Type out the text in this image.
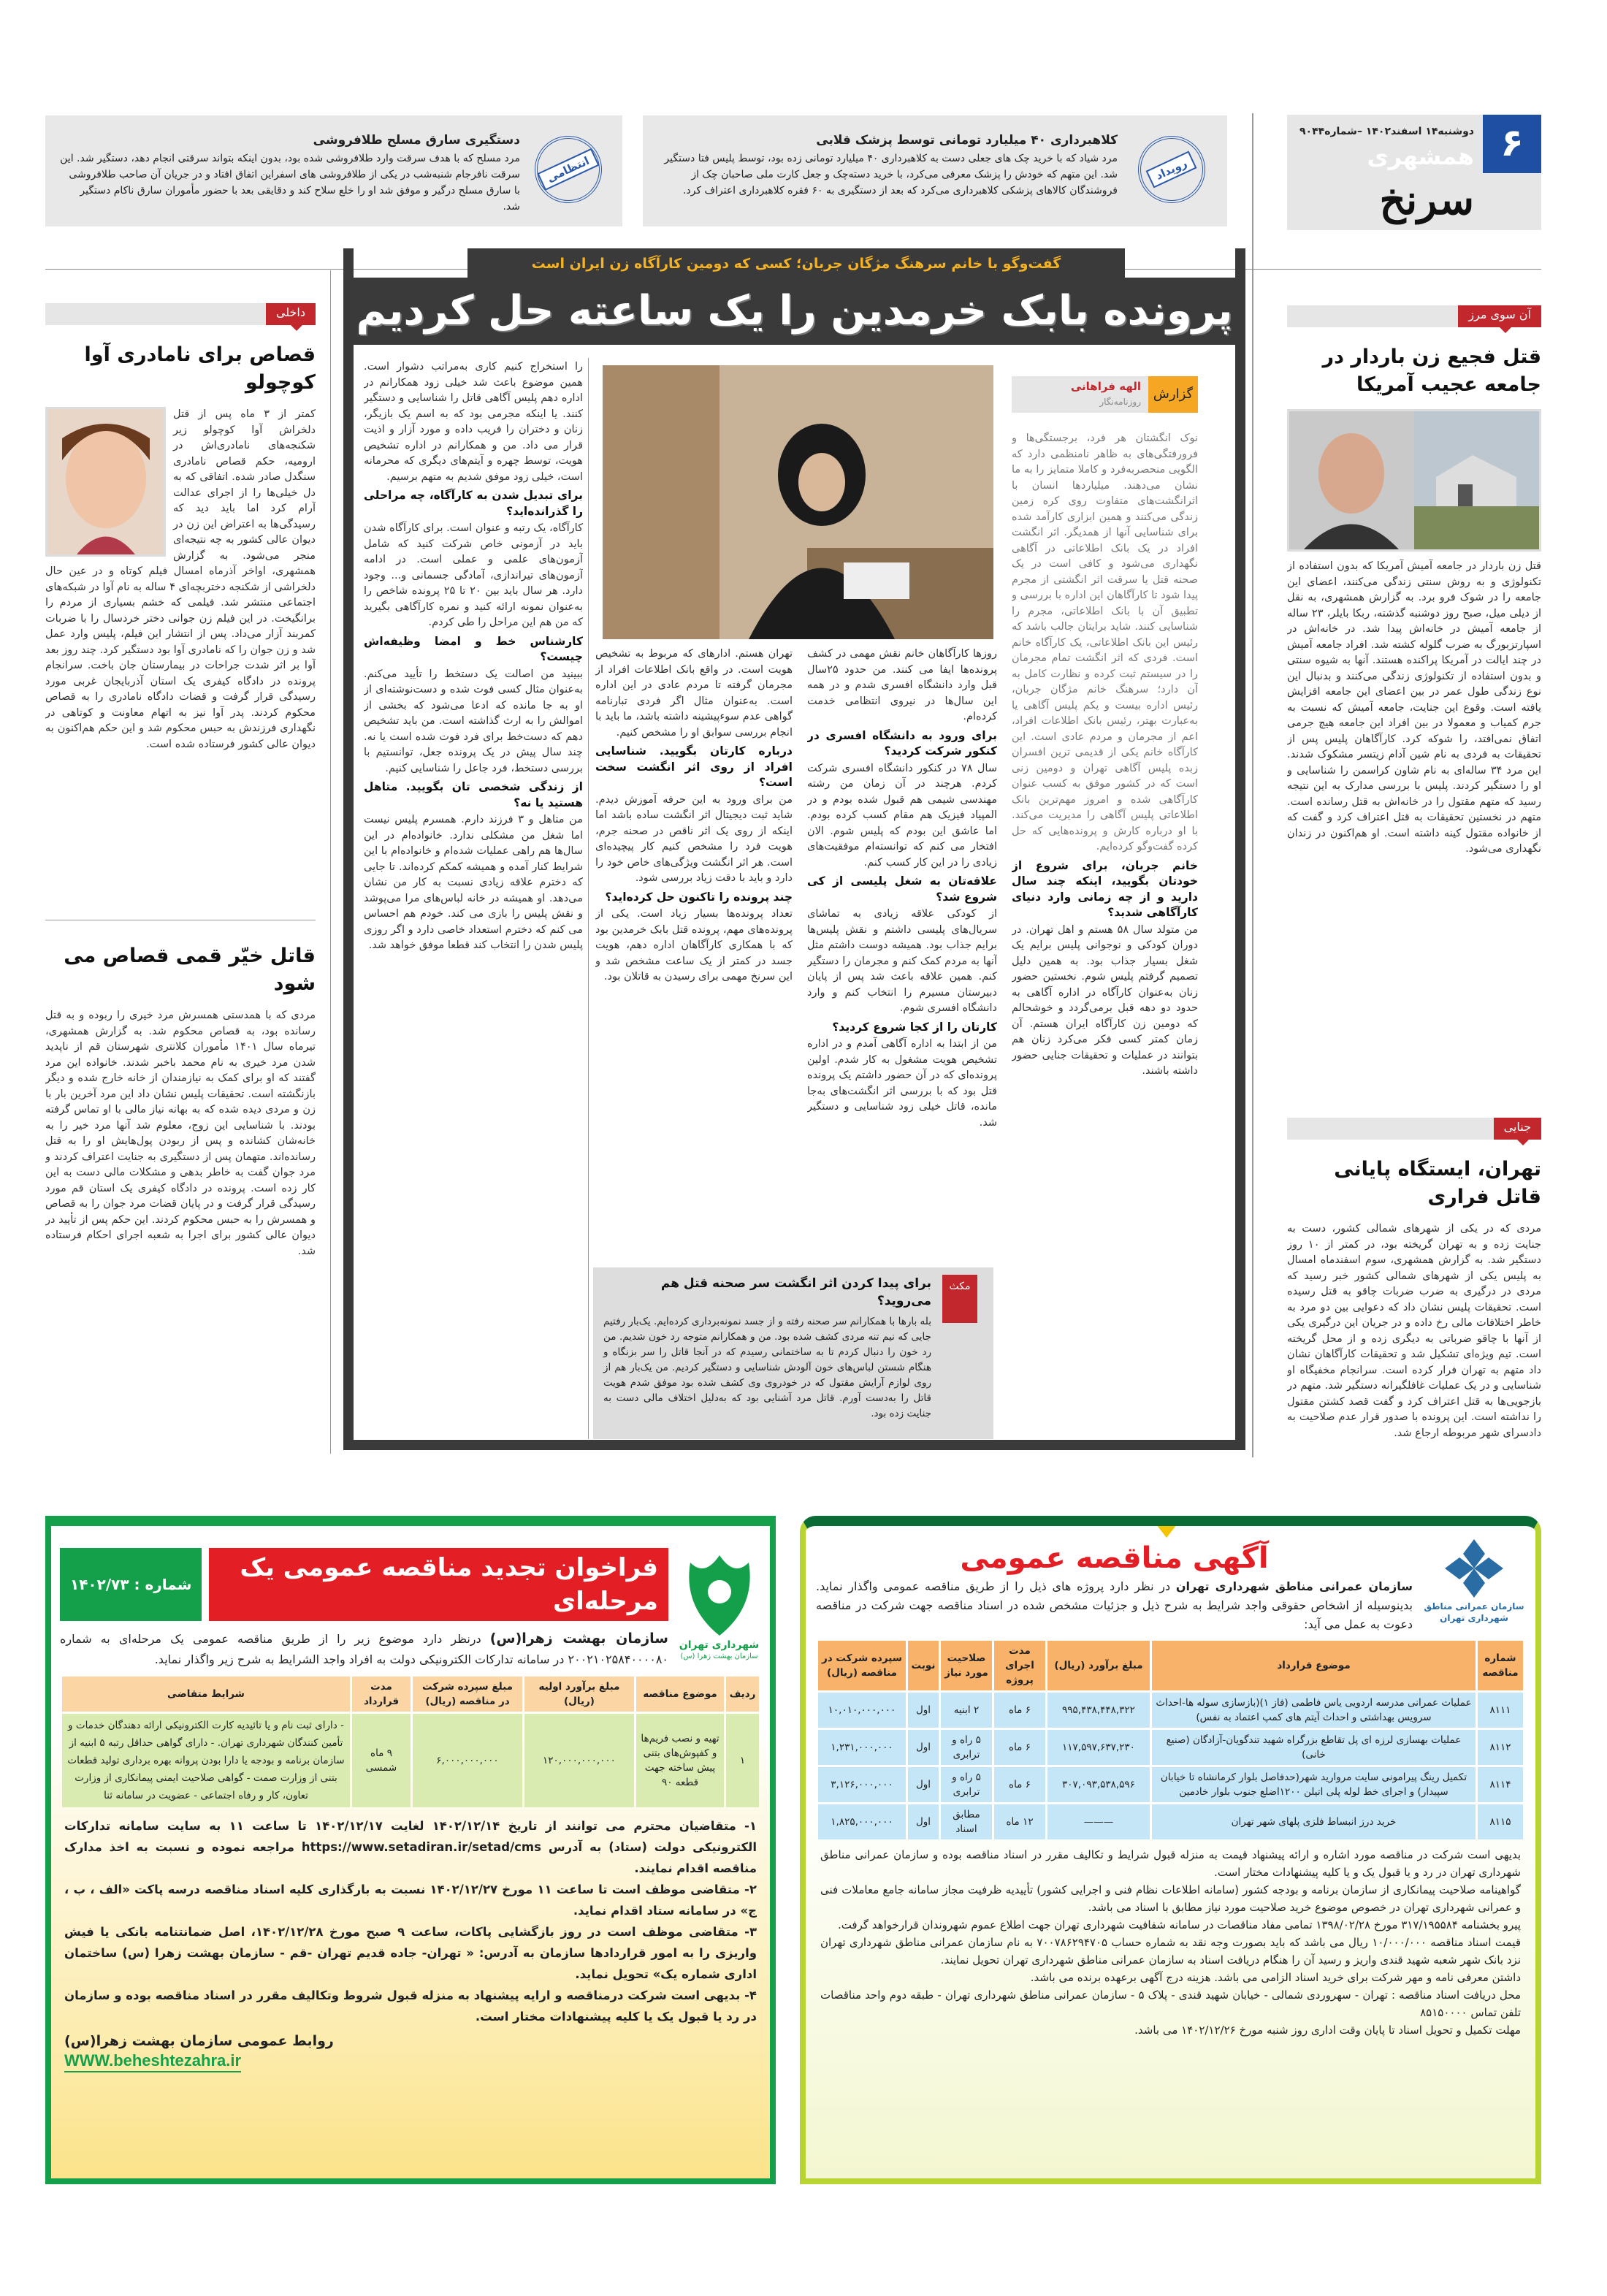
۶
دوشنبه۱۴ اسفند۱۴۰۲ –شماره۹۰۴۴
همشهری
سرنخ
رویداد
کلاهبرداری ۴۰ میلیارد تومانی توسط پزشک قلابی

مرد شیاد که با خرید چک های جعلی دست به کلاهبرداری ۴۰ میلیارد تومانی زده بود، توسط پلیس فتا دستگیر شد. این متهم که خودش را پزشک معرفی می‌کرد، با خرید دسته‌چک و جعل کارت ملی صاحبان چک از فروشندگان کالاهای پزشکی کلاهبرداری می‌کرد که بعد از دستگیری به ۶۰ فقره کلاهبرداری اعتراف کرد.

انتظامی
دستگیری سارق مسلح طلافروشی

مرد مسلح که با هدف سرقت وارد طلافروشی شده بود، بدون اینکه بتواند سرقتی انجام دهد، دستگیر شد. این سرقت نافرجام شنبه‌شب در یکی از طلافروشی های اسفراین اتفاق افتاد و در جریان آن صاحب طلافروشی با سارق مسلح درگیر و موفق شد او را خلع سلاح کند و دقایقی بعد با حضور مأموران سارق ناکام دستگیر شد.

گفت‌وگو با خانم سرهنگ مژگان جربان؛ کسی که دومین کارآگاه زن ایران است
پرونده بابک خرمدین را یک ساعته حل کردیم
گزارش
الهه فراهانی
روزنامه‌نگار

نوک انگشتان هر فرد، برجستگی‌ها و فرورفتگی‌های به ظاهر نامنظمی دارد که الگویی منحصربه‌فرد و کاملا متمایز را به ما نشان می‌دهند. میلیاردها انسان با اثرانگشت‌های متفاوت روی کره زمین زندگی می‌کنند و همین ابزاری کارآمد شده برای شناسایی آنها از همدیگر. اثر انگشت افراد در یک بانک اطلاعاتی در آگاهی نگهداری می‌شود و کافی است در یک صحنه قتل یا سرقت اثر انگشتی از مجرم پیدا شود تا کارآگاهان این اداره با بررسی و تطبیق آن با بانک اطلاعاتی، مجرم را شناسایی کنند. شاید برایتان جالب باشد که رئیس این بانک اطلاعاتی، یک کارآگاه خانم است. فردی که اثر انگشت تمام مجرمان را در سیستم ثبت کرده و نظارت کامل به آن دارد؛ سرهنگ خانم مژگان جربان، رئیس اداره بیست و یکم پلیس آگاهی یا به‌عبارت بهتر، رئیس بانک اطلاعات افراد، اعم از مجرمان و مردم عادی است. این کارآگاه خانم یکی از قدیمی ترین افسران زبده پلیس آگاهی تهران و دومین زنی است که در کشور موفق به کسب عنوان کارآگاهی شده و امروز مهم‌ترین بانک اطلاعاتی پلیس آگاهی را مدیریت می‌کند. با او درباره کارش و پرونده‌هایی که حل کرده گفت‌وگو کرده‌ایم.

خانم جربان، برای شروع از خودتان بگویید، اینکه چند سال دارید و از چه زمانی وارد دنیای کارآگاهی شدید؟

من متولد سال ۵۸ هستم و اهل تهران. در دوران کودکی و نوجوانی پلیس برایم یک شغل بسیار جذاب بود. به همین دلیل تصمیم گرفتم پلیس شوم. نخستین حضور زنان به‌عنوان کارآگاه در اداره آگاهی به حدود دو دهه قبل برمی‌گردد و خوشحالم که دومین زن کارآگاه ایران هستم. آن زمان کمتر کسی فکر می‌کرد زنان هم بتوانند در عملیات و تحقیقات جنایی حضور داشته باشند.

روزها کارآگاهان خانم نقش مهمی در کشف پرونده‌ها ایفا می کنند. من حدود ۲۵سال قبل وارد دانشگاه افسری شدم و در همه این سال‌ها در نیروی انتظامی خدمت کرده‌ام.

برای ورود به دانشگاه افسری در کنکور شرکت کردید؟

سال ۷۸ در کنکور دانشگاه افسری شرکت کردم. هرچند در آن زمان من رشته مهندسی شیمی هم قبول شده بودم و در المپیاد فیزیک هم مقام کسب کرده بودم. اما عاشق این بودم که پلیس شوم. الان افتخار می کنم که توانسته‌ام موفقیت‌های زیادی را در این کار کسب کنم.

علاقه‌تان به شغل پلیسی از کی شروع شد؟

از کودکی علاقه زیادی به تماشای سریال‌های پلیسی داشتم و نقش پلیس‌ها برایم جذاب بود. همیشه دوست داشتم مثل آنها به مردم کمک کنم و مجرمان را دستگیر کنم. همین علاقه باعث شد پس از پایان دبیرستان مسیرم را انتخاب کنم و وارد دانشگاه افسری شوم.

کارتان را از کجا شروع کردید؟

من از ابتدا به اداره آگاهی آمدم و در اداره تشخیص هویت مشغول به کار شدم. اولین پرونده‌ای که در آن حضور داشتم یک پرونده قتل بود که با بررسی اثر انگشت‌های به‌جا مانده، قاتل خیلی زود شناسایی و دستگیر شد.

تهران هستم. ادارهای که مربوط به تشخیص هویت است. در واقع بانک اطلاعات افراد از مجرمان گرفته تا مردم عادی در این اداره است. به‌عنوان مثال اگر فردی تبارنامه گواهی عدم سوءپیشینه داشته باشد، ما باید با انجام بررسی سوابق او را مشخص کنیم.

درباره کارتان بگویید. شناسایی افراد از روی اثر انگشت سخت است؟

من برای ورود به این حرفه آموزش دیدم. شاید ثبت دیجیتال اثر انگشت ساده باشد اما اینکه از روی یک اثر ناقص در صحنه جرم، هویت فرد را مشخص کنیم کار پیچیده‌ای است. هر اثر انگشت ویژگی‌های خاص خود را دارد و باید با دقت زیاد بررسی شود.

چند پرونده را تاکنون حل کرده‌اید؟

تعداد پرونده‌ها بسیار زیاد است. یکی از پرونده‌های مهم، پرونده قتل بابک خرمدین بود که با همکاری کارآگاهان اداره دهم، هویت جسد در کمتر از یک ساعت مشخص شد و این سرنخ مهمی برای رسیدن به قاتلان بود.

را استخراج کنیم کاری به‌مراتب دشوار است. همین موضوع باعث شد خیلی زود همکارانم در اداره دهم پلیس آگاهی قاتل را شناسایی و دستگیر کنند. یا اینکه مجرمی بود که به اسم یک بازیگر، زنان و دختران را فریب داده و مورد آزار و اذیت قرار می داد. من و همکارانم در اداره تشخیص هویت، توسط چهره و آیتم‌های دیگری که محرمانه است، خیلی زود موفق شدیم به متهم برسیم.

برای تبدیل شدن به کارآگاه، چه مراحلی را گذرانده‌اید؟

کارآگاه، یک رتبه و عنوان است. برای کارآگاه شدن باید در آزمونی خاص شرکت کنید که شامل آزمون‌های علمی و عملی است. در ادامه آزمون‌های تیراندازی، آمادگی جسمانی و... وجود دارد. هر سال باید بین ۲۰ تا ۲۵ پرونده شاخص را به‌عنوان نمونه ارائه کنید و نمره کارآگاهی بگیرید که من هم این مراحل را طی کردم.

کارشناس خط و امضا وظیفه‌اش چیست؟

ببینید من اصالت یک دستخط را تأیید می‌کنم. به‌عنوان مثال کسی فوت شده و دست‌نوشته‌ای از او به جا مانده که ادعا می‌شود که بخشی از اموالش را به ارث گذاشته است. من باید تشخیص دهم که دست‌خط برای فرد فوت شده است یا نه. چند سال پیش در یک پرونده جعل، توانستیم با بررسی دستخط، فرد جاعل را شناسایی کنیم.

از زندگی شخصی تان بگویید. متاهل هستید یا نه؟

من متاهل و ۳ فرزند دارم. همسرم پلیس نیست اما شغل من مشکلی ندارد. خانواده‌ام در این سال‌ها هم راهی عملیات شده‌ام و خانواده‌ام با این شرایط کنار آمده و همیشه کمکم کرده‌اند. تا جایی که دخترم علاقه زیادی نسبت به کار من نشان می‌دهد. او همیشه در خانه لباس‌های مرا می‌پوشد و نقش پلیس را بازی می کند. خودم هم احساس می کنم که دخترم استعداد خاصی دارد و اگر روزی پلیس شدن را انتخاب کند قطعا موفق خواهد شد.

مکث
برای پیدا کردن اثر انگشت سر صحنه قتل هم می‌روید؟

بله بارها با همکارانم سر صحنه رفته و از جسد نمونه‌برداری کرده‌ایم. یک‌بار رفتیم جایی که نیم تنه مردی کشف شده بود. من و همکارانم متوجه رد خون شدیم. من رد خون را دنبال کردم تا به ساختمانی رسیدم که در آنجا قاتل را سر بزنگاه و هنگام شستن لباس‌های خون آلودش شناسایی و دستگیر کردیم. من یک‌بار هم از روی لوازم آرایش مقتول که در خودروی وی کشف شده بود موفق شدم هویت قاتل را به‌دست آورم. قاتل مرد آشنایی بود که به‌دلیل اختلاف مالی دست به جنایت زده بود.

آن سوی مرز
قتل فجیع زن باردار در جامعه عجیب آمریکا

قتل زن باردار در جامعه آمیش آمریکا که بدون استفاده از تکنولوژی و به روش سنتی زندگی می‌کنند، اعضای این جامعه را در شوک فرو برد. به گزارش همشهری، به نقل از دیلی میل، صبح روز دوشنبه گذشته، ربکا بایلر، ۲۳ ساله از جامعه آمیش در خانه‌اش پیدا شد. در خانه‌اش در اسپارتزبورگ به ضرب گلوله کشته شد. افراد جامعه آمیش در چند ایالت در آمریکا پراکنده هستند. آنها به شیوه سنتی و بدون استفاده از تکنولوژی زندگی می‌کنند و بدنبال این نوع زندگی طول عمر در بین اعضای این جامعه افزایش یافته است. وقوع این جنایت، جامعه آمیش که نسبت به جرم کمیاب و معمولا در بین افراد این جامعه هیچ جرمی اتفاق نمی‌افتد، را شوکه کرد. کارآگاهان پلیس پس از تحقیقات به فردی به نام شین آدام زیتسر مشکوک شدند. این مرد ۳۴ ساله‌ای به نام شاون کراسمن را شناسایی و او را دستگیر کردند. پلیس با بررسی مدارک به این نتیجه رسید که متهم مقتول را در خانه‌اش به قتل رسانده است. متهم در نخستین تحقیقات به قتل اعتراف کرد و گفت که از خانواده مقتول کینه داشته است. او هم‌اکنون در زندان نگهداری می‌شود.

جنایی
تهران، ایستگاه پایانی قاتل فراری

مردی که در یکی از شهرهای شمالی کشور، دست به جنایت زده و به تهران گریخته بود، در کمتر از ۱۰ روز دستگیر شد. به گزارش همشهری، سوم اسفندماه امسال به پلیس یکی از شهرهای شمالی کشور خبر رسید که مردی در درگیری به ضرب ضربات چاقو به قتل رسیده است. تحقیقات پلیس نشان داد که دعوایی بین دو مرد به خاطر اختلافات مالی رخ داده و در جریان این درگیری یکی از آنها با چاقو ضرباتی به دیگری زده و از محل گریخته است. تیم ویژه‌ای تشکیل شد و تحقیقات کارآگاهان نشان داد متهم به تهران فرار کرده است. سرانجام مخفیگاه او شناسایی و در یک عملیات غافلگیرانه دستگیر شد. متهم در بازجویی‌ها به قتل اعتراف کرد و گفت قصد کشتن مقتول را نداشته است. این پرونده با صدور قرار عدم صلاحیت به دادسرای شهر مربوطه ارجاع شد.

داخلی
قصاص برای نامادری آوا کوچولو

کمتر از ۳ ماه پس از قتل دلخراش آوا کوچولو زیر شکنجه‌های نامادری‌اش در ارومیه، حکم قصاص نامادری سنگدل صادر شده. اتفاقی که به دل خیلی‌ها را از اجرای عدالت آرام کرد اما باید دید که رسیدگی‌ها به اعتراض این زن در دیوان عالی کشور به چه نتیجه‌ای منجر می‌شود. به گزارش همشهری، اواخر آذرماه امسال فیلم کوتاه و در عین حال دلخراشی از شکنجه دختربچه‌ای ۴ ساله به نام آوا در شبکه‌های اجتماعی منتشر شد. فیلمی که خشم بسیاری از مردم را برانگیخت. در این فیلم زن جوانی دختر خردسال را با ضربات کمربند آزار می‌داد. پس از انتشار این فیلم، پلیس وارد عمل شد و زن جوان را که نامادری آوا بود دستگیر کرد. چند روز بعد آوا بر اثر شدت جراحات در بیمارستان جان باخت. سرانجام پرونده در دادگاه کیفری یک استان آذربایجان غربی مورد رسیدگی قرار گرفت و قضات دادگاه نامادری را به قصاص محکوم کردند. پدر آوا نیز به اتهام معاونت و کوتاهی در نگهداری فرزندش به حبس محکوم شد و این حکم هم‌اکنون به دیوان عالی کشور فرستاده شده است.

قاتل خیّر قمی قصاص می شود

مردی که با همدستی همسرش مرد خیری را ربوده و به قتل رسانده بود، به قصاص محکوم شد. به گزارش همشهری، تیرماه سال ۱۴۰۱ مأموران کلانتری شهرستان قم از ناپدید شدن مرد خیری به نام محمد باخبر شدند. خانواده این مرد گفتند که او برای کمک به نیازمندان از خانه خارج شده و دیگر بازنگشته است. تحقیقات پلیس نشان داد این مرد آخرین بار با زن و مردی دیده شده که به بهانه نیاز مالی با او تماس گرفته بودند. با شناسایی این زوج، معلوم شد آنها مرد خیر را به خانه‌شان کشانده و پس از ربودن پول‌هایش او را به قتل رسانده‌اند. متهمان پس از دستگیری به جنایت اعتراف کردند و مرد جوان گفت به خاطر بدهی و مشکلات مالی دست به این کار زده است. پرونده در دادگاه کیفری یک استان قم مورد رسیدگی قرار گرفت و در پایان قضات مرد جوان را به قصاص و همسرش را به حبس محکوم کردند. این حکم پس از تأیید در دیوان عالی کشور برای اجرا به شعبه اجرای احکام فرستاده شد.

سازمان عمرانی مناطق شهرداری تهران
آگهی مناقصه عمومی

سازمان عمرانی مناطق شهرداری تهران در نظر دارد پروژه های ذیل را از طریق مناقصه عمومی واگذار نماید. بدینوسیله از اشخاص حقوقی واجد شرایط به شرح ذیل و جزئیات مشخص شده در اسناد مناقصه جهت شرکت در مناقصه دعوت به عمل می آید:

شماره مناقصه	موضوع قرارداد	مبلغ برآورد (ریال)	مدت اجرای پروژه	صلاحیت مورد نیاز	نوبت	سپرده شرکت در مناقصه (ریال)
۸۱۱۱	عملیات عمرانی مدرسه اردویی یاس فاطمی (فاز ۱)(بازسازی سوله ها-احداث سرویس بهداشتی و احداث آیتم های کمپ اعتماد به نفس)	۹۹۵,۴۳۸,۴۴۸,۳۲۲	۶ ماه	۲ ابنیه	اول	۱۰,۰۱۰,۰۰۰,۰۰۰
۸۱۱۲	عملیات بهسازی لرزه ای پل تقاطع بزرگراه شهید تندگویان-آزادگان (صنیع خانی)	۱۱۷,۵۹۷,۶۳۷,۲۳۰	۶ ماه	۵ راه و ترابری	اول	۱,۲۳۱,۰۰۰,۰۰۰
۸۱۱۴	تکمیل رینگ پیرامونی سایت مروارید شهر(حدفاصل بلوار کرمانشاه تا خیابان سپیدار) و اجرای خط لوله پلی اتیلن ۱۲۰۰اضلع جنوب بلوار خادمین	۳۰۷,۰۹۳,۵۳۸,۵۹۶	۶ ماه	۵ راه و ترابری	اول	۳,۱۲۶,۰۰۰,۰۰۰
۸۱۱۵	خرید درز انبساط فلزی پلهای شهر تهران	———	۱۲ ماه	مطابق اسناد	اول	۱,۸۲۵,۰۰۰,۰۰۰

بدیهی است شرکت در مناقصه مورد اشاره و ارائه پیشنهاد قیمت به منزله قبول شرایط و تکالیف مقرر در اسناد مناقصه بوده و سازمان عمرانی مناطق شهرداری تهران در رد و یا قبول یک و یا کلیه پیشنهادات مختار است.

گواهینامه صلاحیت پیمانکاری از سازمان برنامه و بودجه کشور (سامانه اطلاعات نظام فنی و اجرایی کشور) تأییدیه ظرفیت مجاز سامانه جامع معاملات فنی و عمرانی شهرداری تهران در خصوص موضوع خرید صلاحیت مورد نیاز مطابق با اسناد می باشد.

پیرو بخشنامه ۳۱۷/۱۹۵۵۸۴ مورخ ۱۳۹۸/۰۲/۲۸ تمامی مفاد مناقصات در سامانه شفافیت شهرداری تهران جهت اطلاع عموم شهروندان قرارخواهد گرفت.

قیمت اسناد مناقصه ۱۰/۰۰۰/۰۰۰ ریال می باشد که باید بصورت وجه نقد به شماره حساب ۷۰۰۷۸۶۲۹۴۷۰۵ به نام سازمان عمرانی مناطق شهرداری تهران نزد بانک شهر شعبه شهید قندی واریز و رسید آن را هنگام دریافت اسناد به سازمان عمرانی مناطق شهرداری تهران تحویل نمایند.

داشتن معرفی نامه و مهر شرکت برای خرید اسناد الزامی می باشد. هزینه درج آگهی برعهده برنده می باشد.

محل دریافت اسناد مناقصه : تهران - سهروردی شمالی - خیابان شهید قندی - پلاک ۵ - سازمان عمرانی مناطق شهرداری تهران - طبقه دوم واحد مناقصات تلفن تماس ۸۵۱۵۰۰۰۰

مهلت تکمیل و تحویل اسناد تا پایان وقت اداری روز شنبه مورخ ۱۴۰۲/۱۲/۲۶ می باشد.

شهرداری تهران
سازمان بهشت زهرا (س)
فراخوان تجدید مناقصه عمومی یک مرحله‌ای
شماره : ۱۴۰۲/۷۳

سازمان بهشت زهرا(س) درنظر دارد موضوع زیر را از طریق مناقصه عمومی یک مرحله‌ای به شماره ۲۰۰۲۱۰۲۵۸۴۰۰۰۰۸۰ در سامانه تدارکات الکترونیکی دولت به افراد واجد الشرایط به شرح زیر واگذار نماید.

ردیف	موضوع مناقصه	مبلغ برآورد اولیه (ریال)	مبلغ سپرده شرکت در مناقصه (ریال)	مدت قرارداد	شرایط متقاضی
۱	تهیه و نصب فریم‌ها و کفپوش‌های بتنی پیش ساخته جهت قطعه ۹۰	۱۲۰,۰۰۰,۰۰۰,۰۰۰	۶,۰۰۰,۰۰۰,۰۰۰	۹ ماه شمسی	- دارای ثبت نام و یا تائیدیه کارت الکترونیکی ارائه دهندگان خدمات و تأمین کنندگان شهرداری تهران. - دارای گواهی حداقل رتبه ۵ ابنیه از سازمان برنامه و بودجه یا دارا بودن پروانه بهره برداری تولید قطعات بتنی از وزارت صمت - گواهی صلاحیت ایمنی پیمانکاری از وزارت تعاون، کار و رفاه اجتماعی - عضویت در سامانه ثنا

۱- متقاضیان محترم می توانند از تاریخ ۱۴۰۲/۱۲/۱۴ لغایت ۱۴۰۲/۱۲/۱۷ تا ساعت ۱۱ به سایت سامانه تدارکات الکترونیکی دولت (ستاد) به آدرس https://www.setadiran.ir/setad/cms مراجعه نموده و نسبت به اخذ مدارک مناقصه اقدام نمایند.

۲- متقاضی موظف است تا ساعت ۱۱ مورخ ۱۴۰۲/۱۲/۲۷ نسبت به بارگذاری کلیه اسناد مناقصه درسه پاکت «الف ، ب ، ج» در سامانه ستاد اقدام نماید.

۳- متقاضی موظف است در روز بازگشایی پاکات، ساعت ۹ صبح مورخ ۱۴۰۲/۱۲/۲۸، اصل ضمانتنامه بانکی یا فیش واریزی را به امور قراردادها سازمان به آدرس: « تهران- جاده قدیم تهران -قم - سازمان بهشت زهرا (س) ساختمان اداری شماره یک» تحویل نماید.

۴- بدیهی است شرکت درمناقصه و ارایه پیشنهاد به منزله قبول شروط وتکالیف مقرر در اسناد مناقصه بوده و سازمان در رد یا قبول یک یا کلیه پیشنهادات مختار است.

روابط عمومی سازمان بهشت زهرا(س)
WWW.beheshtezahra.ir
